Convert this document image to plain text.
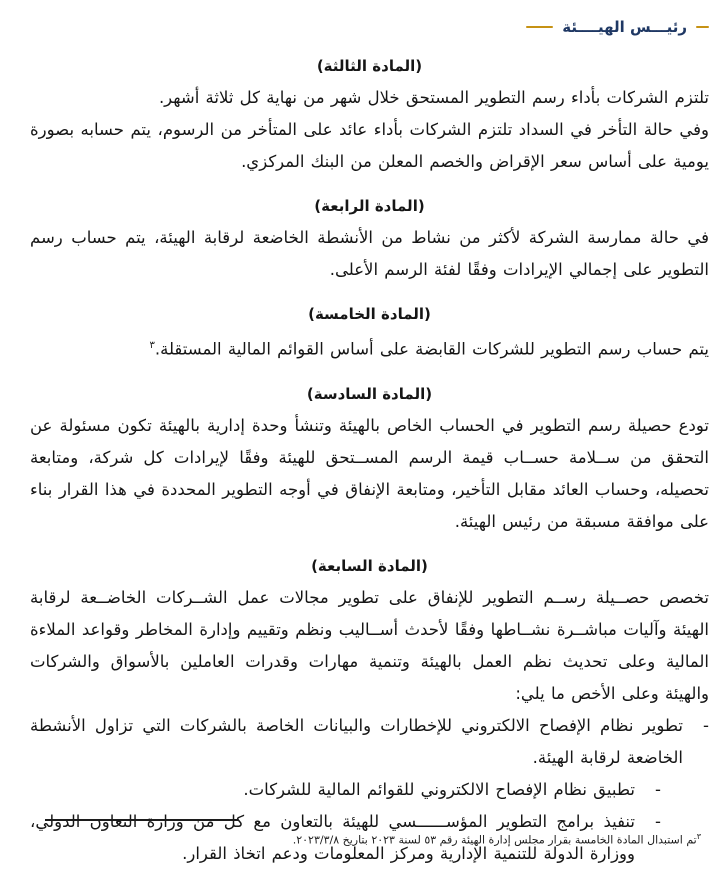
رئيـــس الهيــــئة
(المادة الثالثة)

تلتزم الشركات بأداء رسم التطوير المستحق خلال شهر من نهاية كل ثلاثة أشهر.

وفي حالة التأخر في السداد تلتزم الشركات بأداء عائد على المتأخر من الرسوم، يتم حسابه بصورة يومية على أساس سعر الإقراض والخصم المعلن من البنك المركزي.

(المادة الرابعة)

في حالة ممارسة الشركة لأكثر من نشاط من الأنشطة الخاضعة لرقابة الهيئة، يتم حساب رسم التطوير على إجمالي الإيرادات وفقًا لفئة الرسم الأعلى.

(المادة الخامسة)

يتم حساب رسم التطوير للشركات القابضة على أساس القوائم المالية المستقلة.$^٣$

(المادة السادسة)

تودع حصيلة رسم التطوير في الحساب الخاص بالهيئة وتنشأ وحدة إدارية بالهيئة تكون مسئولة عن التحقق من ســلامة حســاب قيمة الرسم المســتحق للهيئة وفقًا لإيرادات كل شركة، ومتابعة تحصيله، وحساب العائد مقابل التأخير، ومتابعة الإنفاق في أوجه التطوير المحددة في هذا القرار بناء على موافقة مسبقة من رئيس الهيئة.

(المادة السابعة)

تخصص حصــيلة رســم التطوير للإنفاق على تطوير مجالات عمل الشــركات الخاضــعة لرقابة الهيئة وآليات مباشــرة نشــاطها وفقًا لأحدث أســاليب ونظم وتقييم وإدارة المخاطر وقواعد الملاءة المالية وعلى تحديث نظم العمل بالهيئة وتنمية مهارات وقدرات العاملين بالأسواق والشركات والهيئة وعلى الأخص ما يلي:

-
تطوير نظام الإفصاح الالكتروني للإخطارات والبيانات الخاصة بالشركات التي تزاول الأنشطة الخاضعة لرقابة الهيئة.
-
تطبيق نظام الإفصاح الالكتروني للقوائم المالية للشركات.
-
تنفيذ برامج التطوير المؤســــــسي للهيئة بالتعاون مع كل من وزارة التعاون الدولي، ووزارة الدولة للتنمية الإدارية ومركز المعلومات ودعم اتخاذ القرار.
$^٣$تم استبدال المادة الخامسة بقرار مجلس إدارة الهيئة رقم ٥٣ لسنة ٢٠٢٣ بتاريخ ٢٠٢٣/٣/٨.
